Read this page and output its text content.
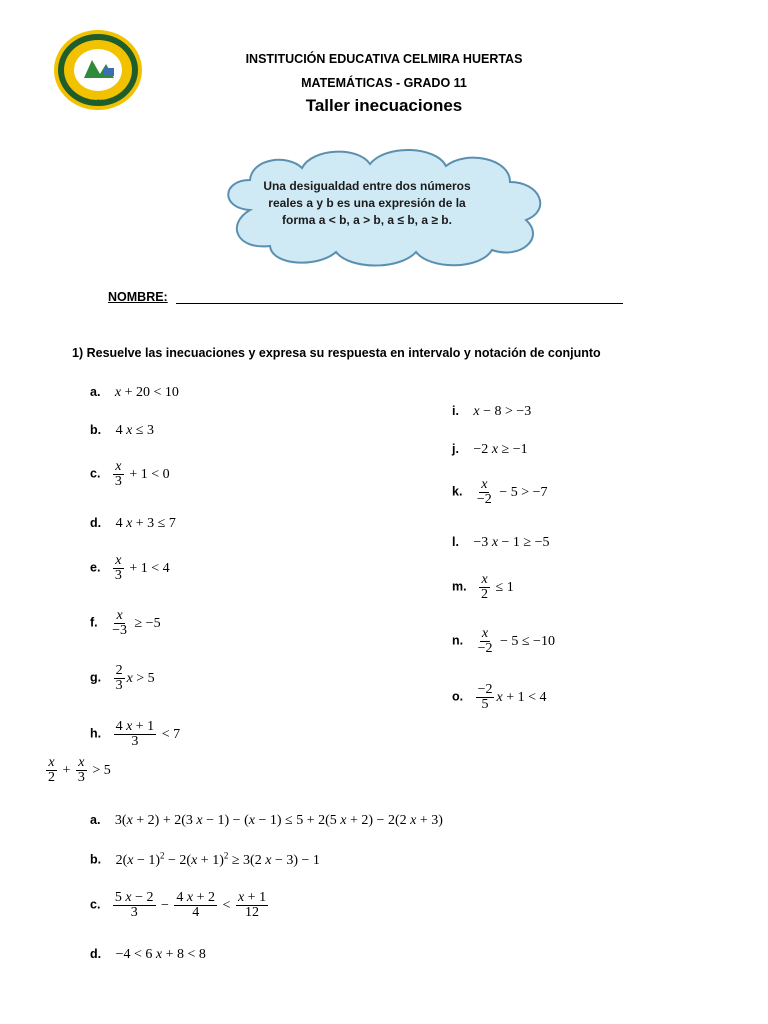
BAGUE
INSTITUCIÓN EDUCATIVA CELMIRA HUERTAS
MATEMÁTICAS - GRADO 11
Taller inecuaciones
Una desigualdad entre dos números reales a y b es una expresión de la forma a < b, a > b, a ≤ b, a ≥ b.
NOMBRE:
1) Resuelve las inecuaciones y expresa su respuesta en intervalo y notación de conjunto
a. x + 20 < 10
b. 4 x ≤ 3
c. $\frac{x}{3} + 1 < 0$
d. 4 x + 3 ≤ 7
e. $\frac{x}{3} + 1 < 4$
f. $\frac{x}{-3} \ge -5$
g. $\frac{2}{3}$ x > 5
h. $\frac{4 x + 1}{3} < 7$
i. x − 8 > −3
j. −2 x ≥ −1
k. $\frac{x}{-2} - 5 > -7$
l. −3 x − 1 ≥ −5
m. $\frac{x}{2} \le 1$
n. $\frac{x}{-2} - 5 \le -10$
o. $\frac{-2}{5}$ x + 1 < 4
$\frac{x}{2} + \frac{x}{3} > 5$
a. 3(x + 2) + 2(3 x − 1) − (x − 1) ≤ 5 + 2(5 x + 2) − 2(2 x + 3)
b. $2(x - 1)^2 - 2(x + 1)^2 \ge 3(2$ x − 3) − 1
c. $\frac{5 x - 2}{3} - \frac{4 x + 2}{4} < \frac{x + 1}{12}$
d. −4 < 6 x + 8 < 8
